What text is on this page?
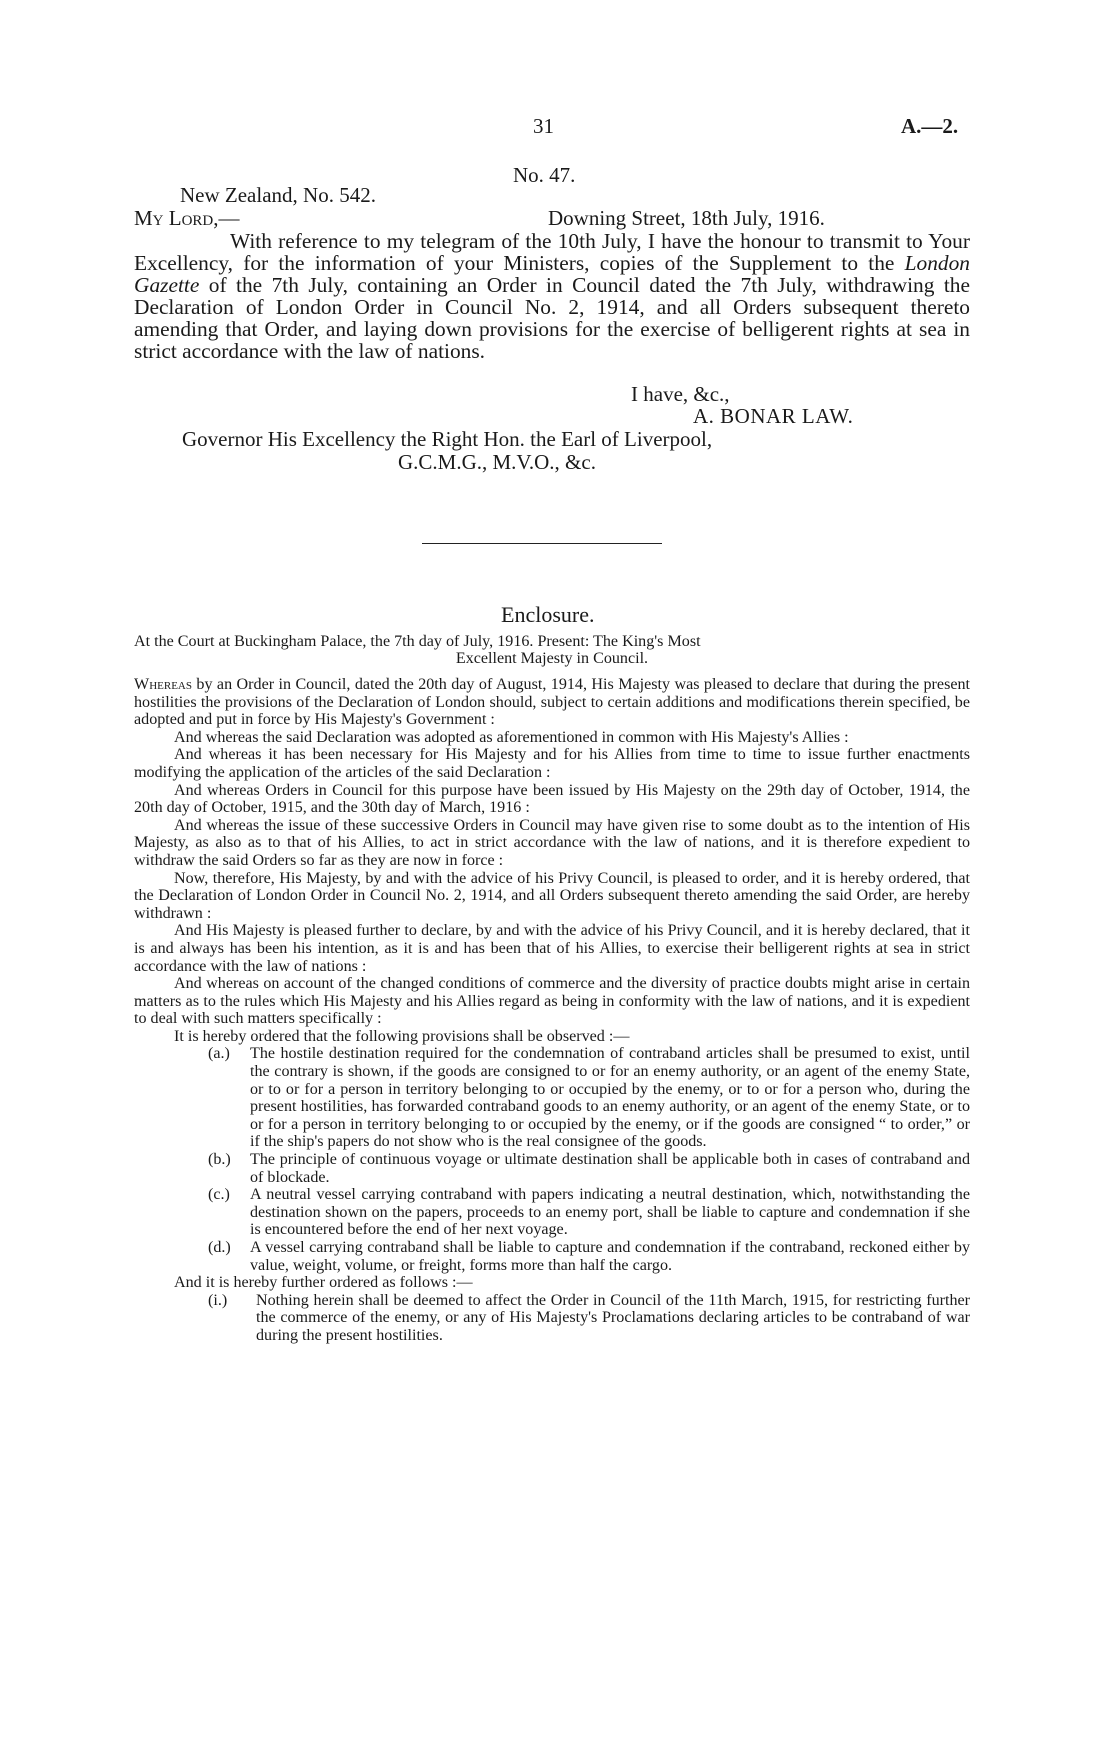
31	A.—2.
No. 47.
New Zealand, No. 542.
My Lord,—	Downing Street, 18th July, 1916.
With reference to my telegram of the 10th July, I have the honour to transmit to Your Excellency, for the information of your Ministers, copies of the Supplement to the London Gazette of the 7th July, containing an Order in Council dated the 7th July, withdrawing the Declaration of London Order in Council No. 2, 1914, and all Orders subsequent thereto amending that Order, and laying down provisions for the exercise of belligerent rights at sea in strict accordance with the law of nations.
I have, &c.,
A. BONAR LAW.
Governor His Excellency the Right Hon. the Earl of Liverpool,
G.C.M.G., M.V.O., &c.
Enclosure.
At the Court at Buckingham Palace, the 7th day of July, 1916. Present: The King's Most
Excellent Majesty in Council.

Whereas by an Order in Council, dated the 20th day of August, 1914, His Majesty was pleased to declare that during the present hostilities the provisions of the Declaration of London should, subject to certain additions and modifications therein specified, be adopted and put in force by His Majesty's Government :

And whereas the said Declaration was adopted as aforementioned in common with His Majesty's Allies :

And whereas it has been necessary for His Majesty and for his Allies from time to time to issue further enactments modifying the application of the articles of the said Declaration :

And whereas Orders in Council for this purpose have been issued by His Majesty on the 29th day of October, 1914, the 20th day of October, 1915, and the 30th day of March, 1916 :

And whereas the issue of these successive Orders in Council may have given rise to some doubt as to the intention of His Majesty, as also as to that of his Allies, to act in strict accordance with the law of nations, and it is therefore expedient to withdraw the said Orders so far as they are now in force :

Now, therefore, His Majesty, by and with the advice of his Privy Council, is pleased to order, and it is hereby ordered, that the Declaration of London Order in Council No. 2, 1914, and all Orders subsequent thereto amending the said Order, are hereby withdrawn :

And His Majesty is pleased further to declare, by and with the advice of his Privy Council, and it is hereby declared, that it is and always has been his intention, as it is and has been that of his Allies, to exercise their belligerent rights at sea in strict accordance with the law of nations :

And whereas on account of the changed conditions of commerce and the diversity of practice doubts might arise in certain matters as to the rules which His Majesty and his Allies regard as being in conformity with the law of nations, and it is expedient to deal with such matters specifically :

It is hereby ordered that the following provisions shall be observed :—

(a.)	The hostile destination required for the condemnation of contraband articles shall be presumed to exist, until the contrary is shown, if the goods are consigned to or for an enemy authority, or an agent of the enemy State, or to or for a person in territory belonging to or occupied by the enemy, or to or for a person who, during the present hostilities, has forwarded contraband goods to an enemy authority, or an agent of the enemy State, or to or for a person in territory belonging to or occupied by the enemy, or if the goods are consigned “ to order,” or if the ship's papers do not show who is the real consignee of the goods.
(b.)	The principle of continuous voyage or ultimate destination shall be applicable both in cases of contraband and of blockade.
(c.)	A neutral vessel carrying contraband with papers indicating a neutral destination, which, notwithstanding the destination shown on the papers, proceeds to an enemy port, shall be liable to capture and condemnation if she is encountered before the end of her next voyage.
(d.)	A vessel carrying contraband shall be liable to capture and condemnation if the contraband, reckoned either by value, weight, volume, or freight, forms more than half the cargo.

And it is hereby further ordered as follows :—

(i.)	Nothing herein shall be deemed to affect the Order in Council of the 11th March, 1915, for restricting further the commerce of the enemy, or any of His Majesty's Proclamations declaring articles to be contraband of war during the present hostilities.
